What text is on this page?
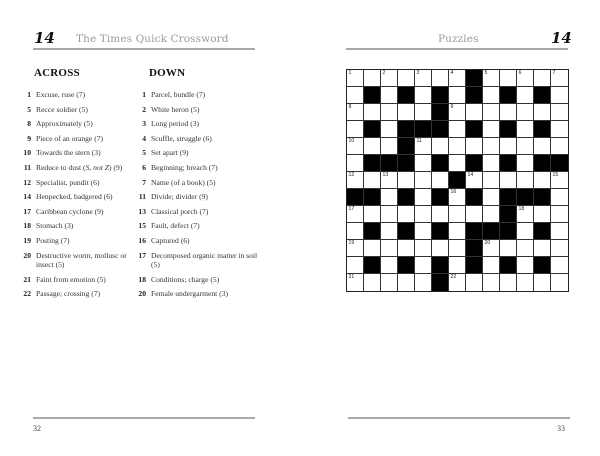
14 The Times Quick Crossword	Puzzles	14
ACROSS
1 Excuse, ruse (7)
5 Recce soldier (5)
8 Approximately (5)
9 Piece of an orange (7)
10 Towards the stern (3)
11 Reduce to dust (S, not Z) (9)
12 Specialist, pundit (6)
14 Henpecked, badgered (6)
17 Caribbean cyclone (9)
18 Stomach (3)
19 Posting (7)
20 Destructive worm, mollusc or insect (5)
21 Faint from emotion (5)
22 Passage; crossing (7)
DOWN
1 Parcel, bundle (7)
2 White heron (5)
3 Long period (3)
4 Scuffle, struggle (6)
5 Set apart (9)
6 Beginning; breach (7)
7 Name (of a book) (5)
11 Divide; divider (9)
13 Classical porch (7)
15 Fault, defect (7)
16 Captured (6)
17 Decomposed organic matter in soil (5)
18 Conditions; charge (5)
20 Female undergarment (3)
1	2	3	4	5	6	7
8	9
10	11
12	13	14	15
16
17	18
19	20
21	22
32	33
